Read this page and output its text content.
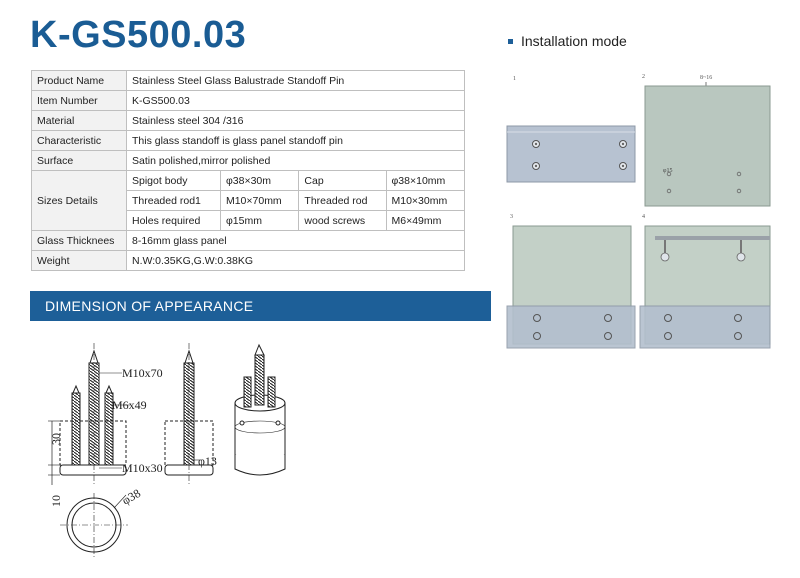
K-GS500.03
Product Name	Stainless Steel Glass Balustrade Standoff Pin			
Item Number	K-GS500.03			
Material	Stainless steel 304 /316			
Characteristic	This glass standoff is glass panel standoff pin			
Surface	Satin polished,mirror polished			
Sizes Details	Spigot body	φ38×30m	Cap	φ38×10mm
	Threaded rod1	M10×70mm	Threaded rod	M10×30mm
	Holes required	φ15mm	wood screws	M6×49mm
Glass Thicknees	8-16mm glass panel			
Weight	N.W:0.35KG,G.W:0.38KG			
DIMENSION OF APPEARANCE
Installation mode
1	2	8~16
φ15
3	4
M10x70
M6x49
M10x30
30
10	φ38
φ13
